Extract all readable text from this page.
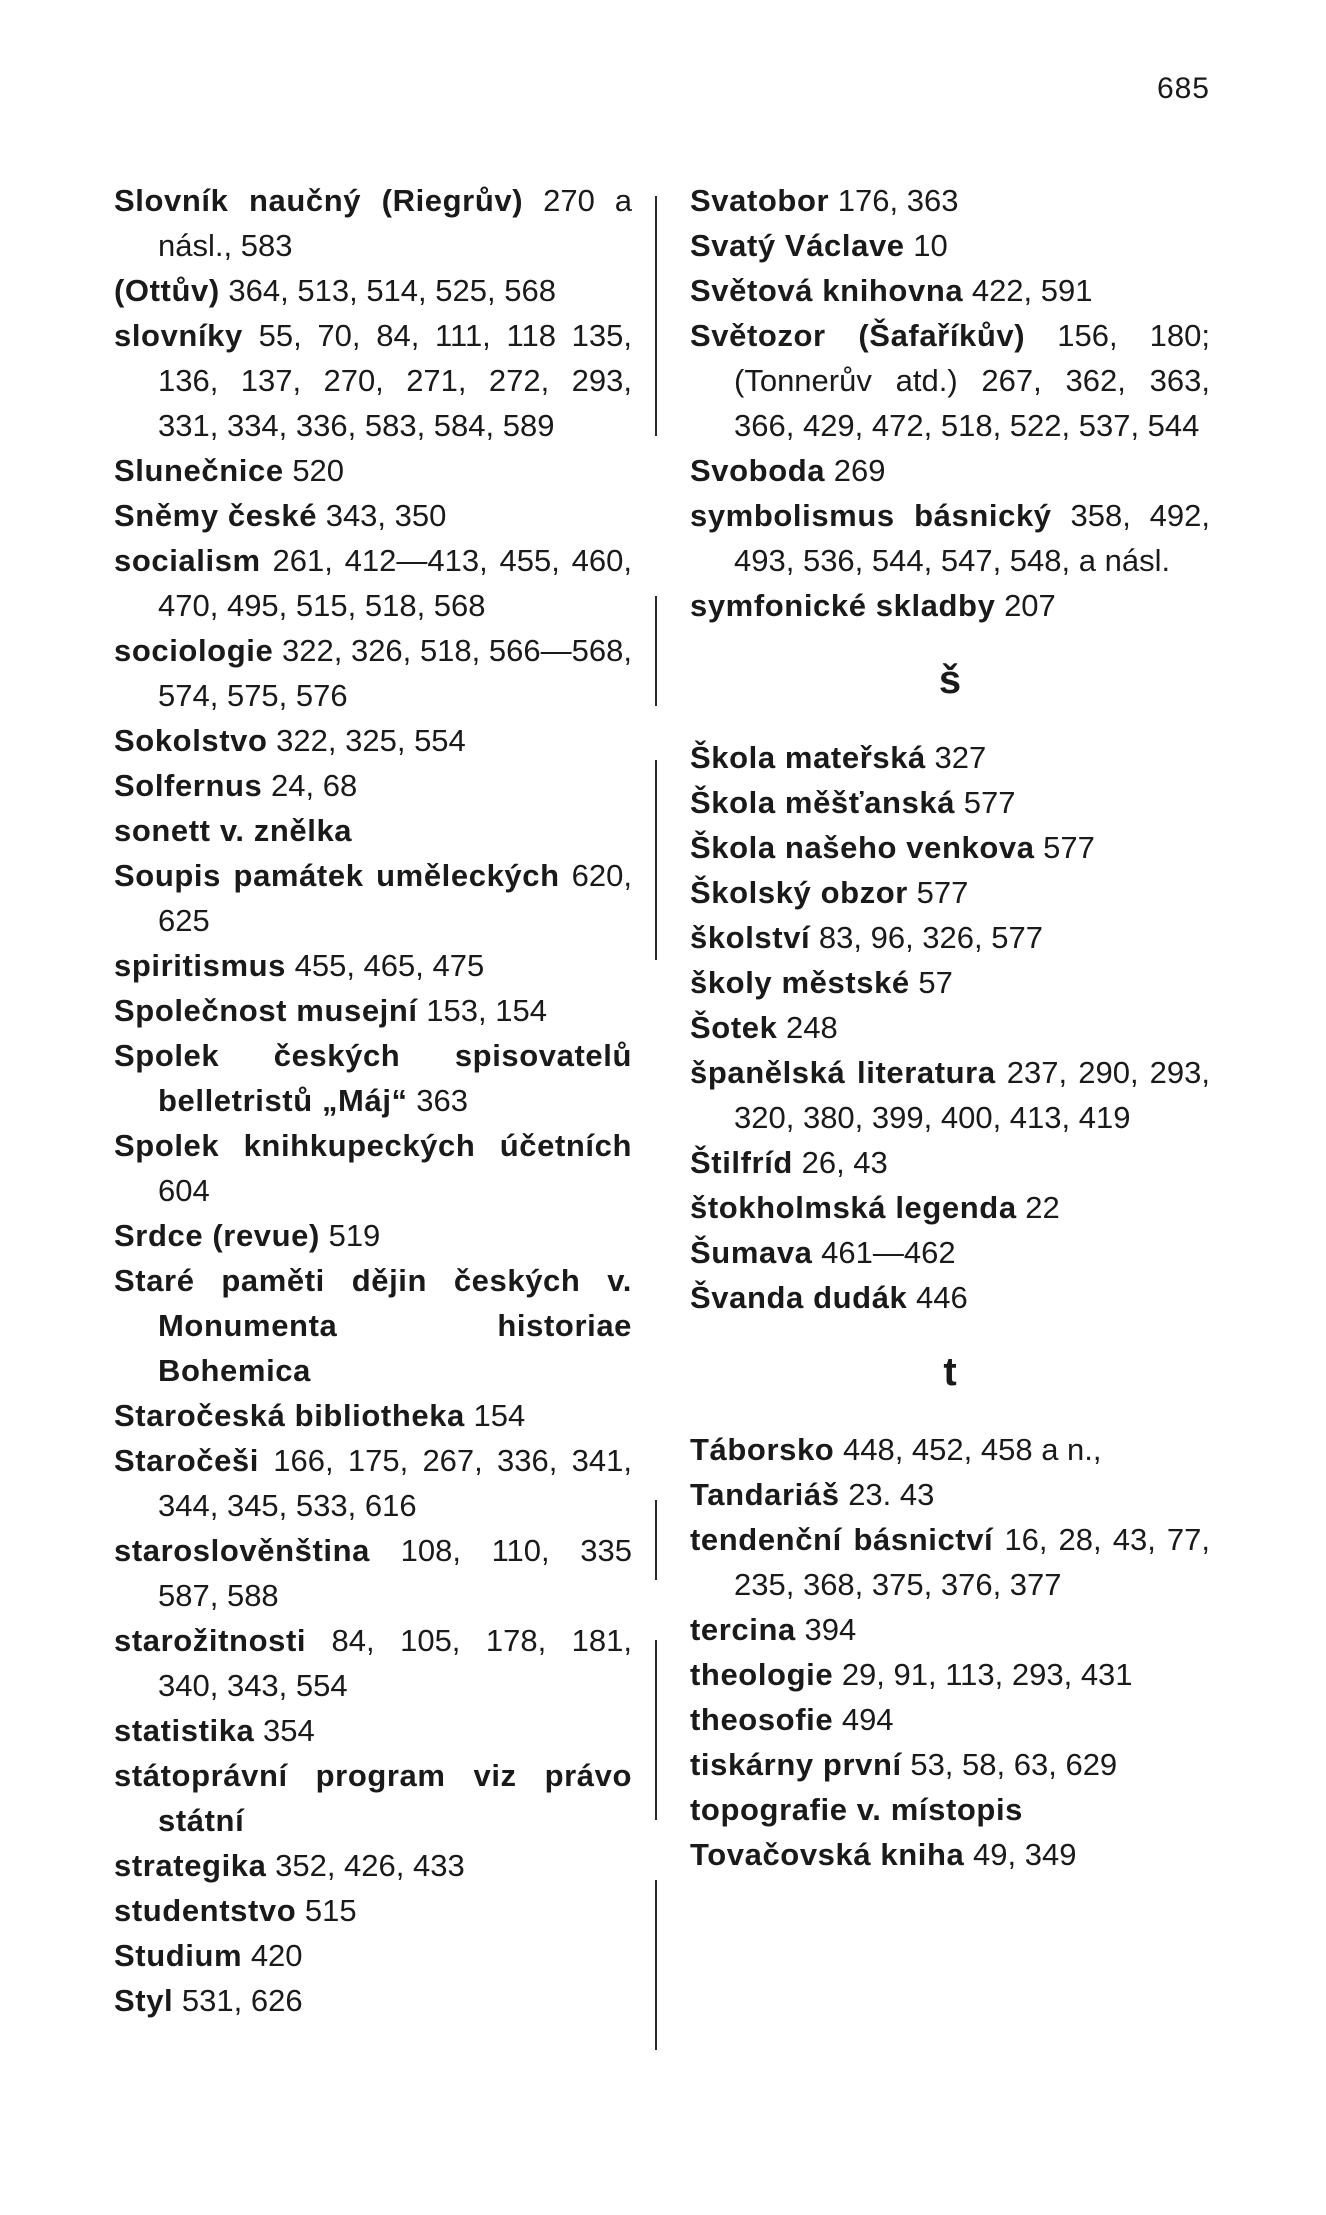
685

Slovník naučný (Riegrův) 270 a násl., 583

(Ottův) 364, 513, 514, 525, 568

slovníky 55, 70, 84, 111, 118 135, 136, 137, 270, 271, 272, 293, 331, 334, 336, 583, 584, 589

Slunečnice 520

Sněmy české 343, 350

socialism 261, 412—413, 455, 460, 470, 495, 515, 518, 568

sociologie 322, 326, 518, 566—568, 574, 575, 576

Sokolstvo 322, 325, 554

Solfernus 24, 68

sonett v. znělka

Soupis památek uměleckých 620, 625

spiritismus 455, 465, 475

Společnost musejní 153, 154

Spolek českých spisovatelů belletristů „Máj“ 363

Spolek knihkupeckých účetních 604

Srdce (revue) 519

Staré paměti dějin českých v. Monumenta historiae Bohemica

Staročeská bibliotheka 154

Staročeši 166, 175, 267, 336, 341, 344, 345, 533, 616

staroslověnština 108, 110, 335 587, 588

starožitnosti 84, 105, 178, 181, 340, 343, 554

statistika 354

státoprávní program viz právo státní

strategika 352, 426, 433

studentstvo 515

Studium 420

Styl 531, 626

Svatobor 176, 363

Svatý Václave 10

Světová knihovna 422, 591

Světozor (Šafaříkův) 156, 180; (Tonnerův atd.) 267, 362, 363, 366, 429, 472, 518, 522, 537, 544

Svoboda 269

symbolismus básnický 358, 492, 493, 536, 544, 547, 548, a násl.

symfonické skladby 207

š

Škola mateřská 327

Škola měšťanská 577

Škola našeho venkova 577

Školský obzor 577

školství 83, 96, 326, 577

školy městské 57

Šotek 248

španělská literatura 237, 290, 293, 320, 380, 399, 400, 413, 419

Štilfríd 26, 43

štokholmská legenda 22

Šumava 461—462

Švanda dudák 446

t

Táborsko 448, 452, 458 a n.,

Tandariáš 23. 43

tendenční básnictví 16, 28, 43, 77, 235, 368, 375, 376, 377

tercina 394

theologie 29, 91, 113, 293, 431

theosofie 494

tiskárny první 53, 58, 63, 629

topografie v. místopis

Tovačovská kniha 49, 349
